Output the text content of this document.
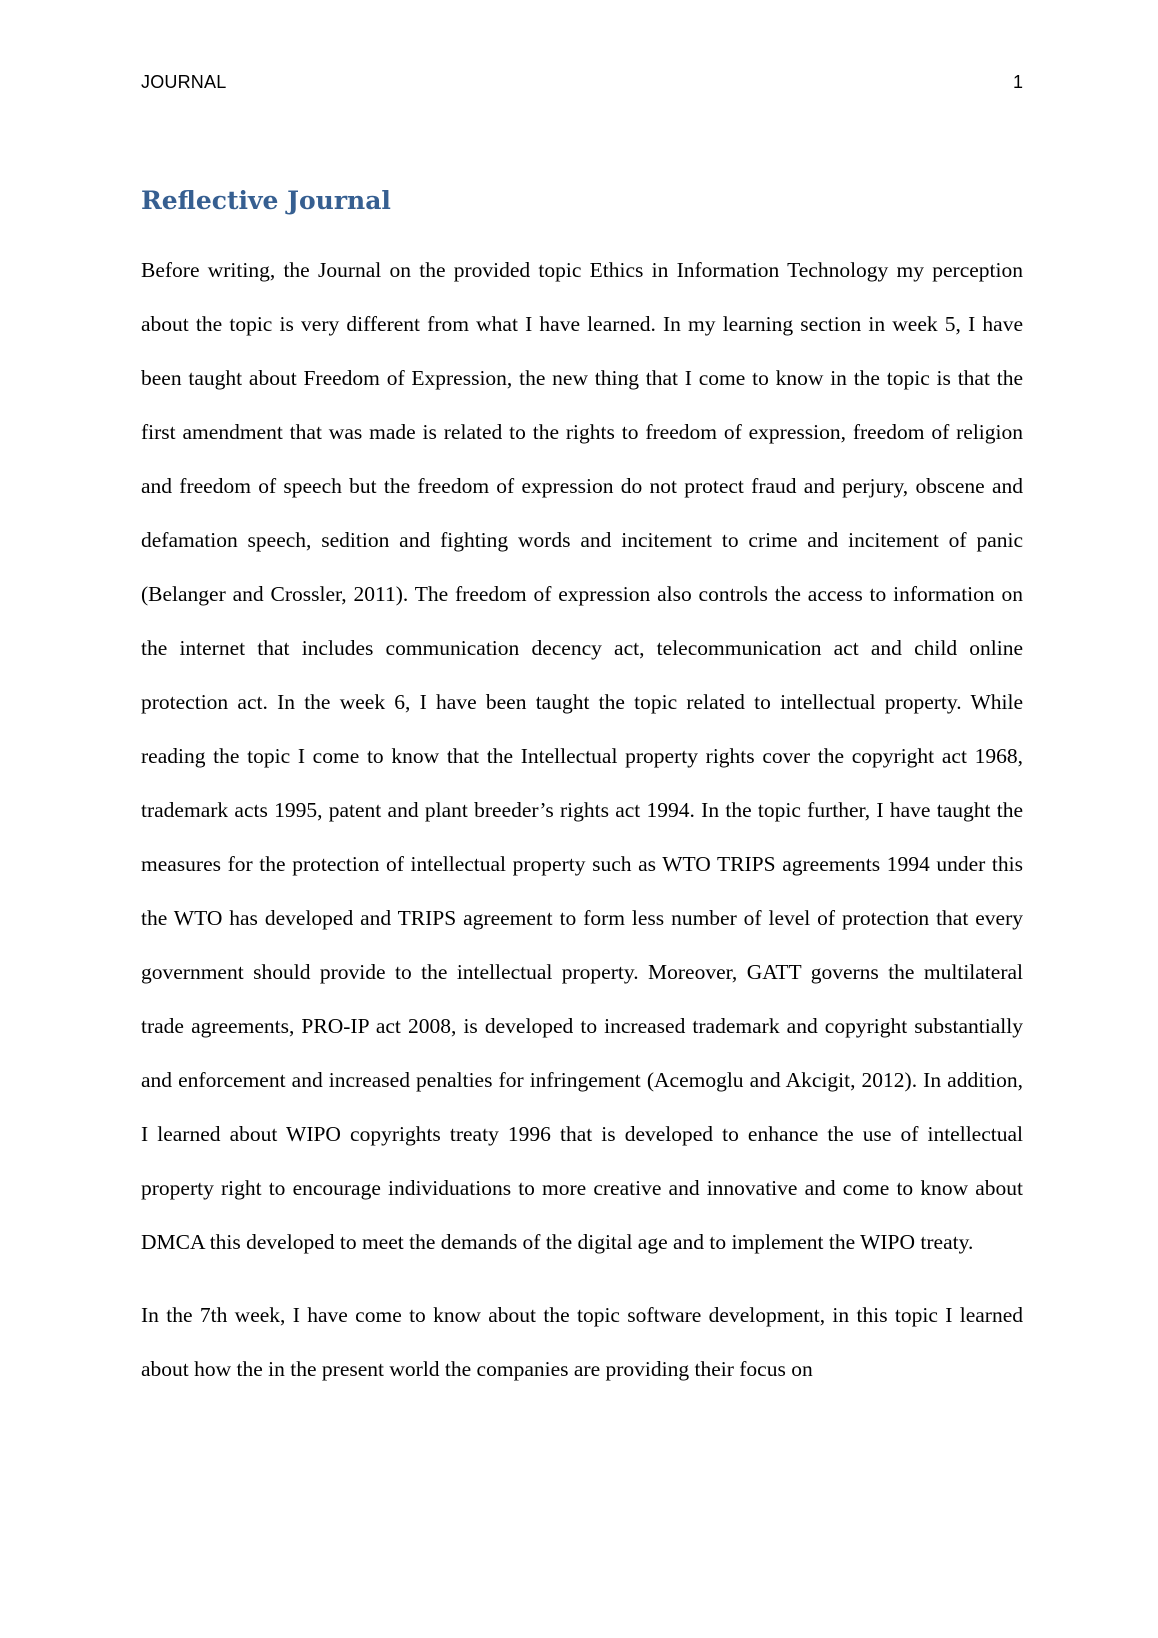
JOURNAL	1
Reflective Journal

Before writing, the Journal on the provided topic Ethics in Information Technology my perception about the topic is very different from what I have learned. In my learning section in week 5, I have been taught about Freedom of Expression, the new thing that I come to know in the topic is that the first amendment that was made is related to the rights to freedom of expression, freedom of religion and freedom of speech but the freedom of expression do not protect fraud and perjury, obscene and defamation speech, sedition and fighting words and incitement to crime and incitement of panic (Belanger and Crossler, 2011). The freedom of expression also controls the access to information on the internet that includes communication decency act, telecommunication act and child online protection act. In the week 6, I have been taught the topic related to intellectual property. While reading the topic I come to know that the Intellectual property rights cover the copyright act 1968, trademark acts 1995, patent and plant breeder’s rights act 1994. In the topic further, I have taught the measures for the protection of intellectual property such as WTO TRIPS agreements 1994 under this the WTO has developed and TRIPS agreement to form less number of level of protection that every government should provide to the intellectual property. Moreover, GATT governs the multilateral trade agreements, PRO-IP act 2008, is developed to increased trademark and copyright substantially and enforcement and increased penalties for infringement (Acemoglu and Akcigit, 2012). In addition, I learned about WIPO copyrights treaty 1996 that is developed to enhance the use of intellectual property right to encourage individuations to more creative and innovative and come to know about DMCA this developed to meet the demands of the digital age and to implement the WIPO treaty.

In the 7th week, I have come to know about the topic software development, in this topic I learned about how the in the present world the companies are providing their focus on
